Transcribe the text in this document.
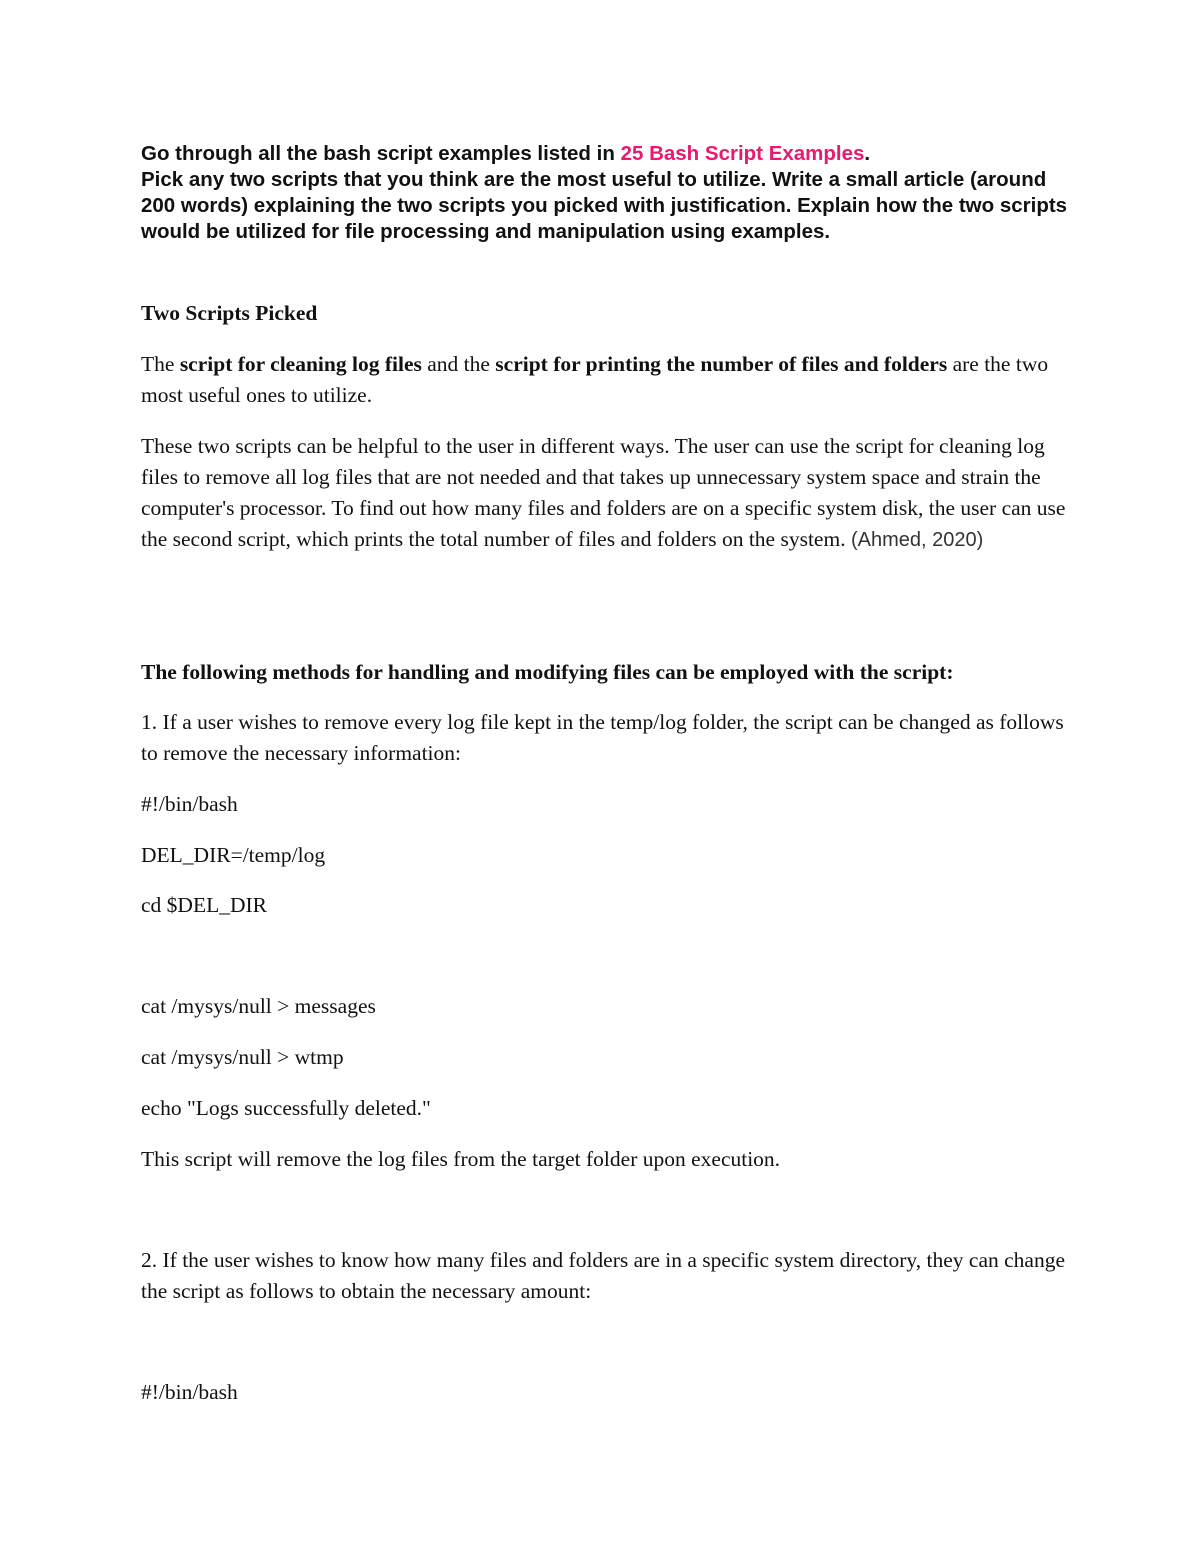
Go through all the bash script examples listed in 25 Bash Script Examples.
Pick any two scripts that you think are the most useful to utilize. Write a small article (around 200 words) explaining the two scripts you picked with justification. Explain how the two scripts would be utilized for file processing and manipulation using examples.

Two Scripts Picked

The script for cleaning log files and the script for printing the number of files and folders are the two most useful ones to utilize.

These two scripts can be helpful to the user in different ways. The user can use the script for cleaning log files to remove all log files that are not needed and that takes up unnecessary system space and strain the computer's processor. To find out how many files and folders are on a specific system disk, the user can use the second script, which prints the total number of files and folders on the system. (Ahmed, 2020)

The following methods for handling and modifying files can be employed with the script:

1. If a user wishes to remove every log file kept in the temp/log folder, the script can be changed as follows to remove the necessary information:

#!/bin/bash

DEL_DIR=/temp/log

cd $DEL_DIR

cat /mysys/null > messages

cat /mysys/null > wtmp

echo "Logs successfully deleted."

This script will remove the log files from the target folder upon execution.

2. If the user wishes to know how many files and folders are in a specific system directory, they can change the script as follows to obtain the necessary amount:

#!/bin/bash
